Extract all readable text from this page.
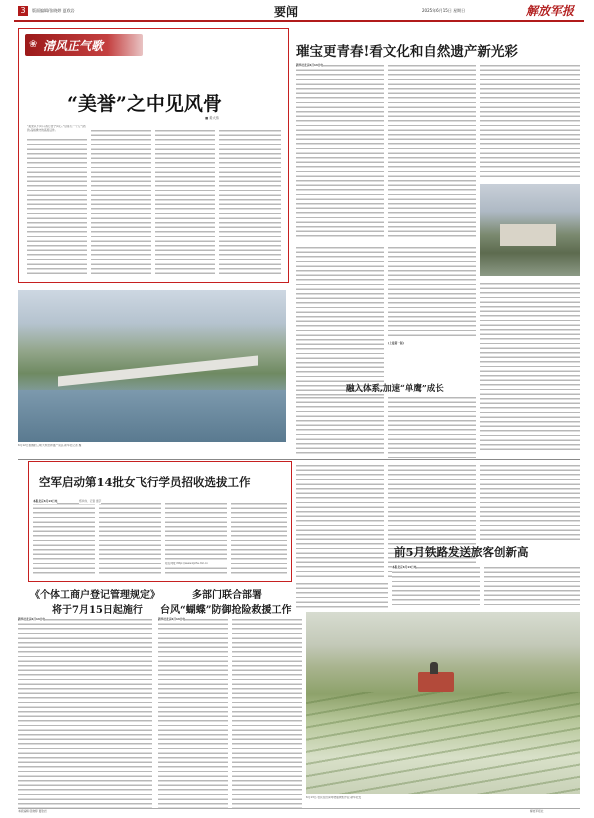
3	版面编辑/张晓婷 夏欣岩	要闻	2025年6月15日 星期日	解放军报
清风正气歌
❀
“美誉”之中见风骨
■ 姜大伟
“美誉从不问口,政行自宁问心。”这是毛一个人气质的,品格操守的高度证件。
璀宝更青春!看文化和自然遗产新光彩
新华社北京6月14日电
6月12日拍摄的三峡大坝世界遗产景区,新华社记者 摄
(上接第一版)
融入体系,加速“单鹰”成长
空军启动第14批女飞行学员招收选拔工作
本报北京6月14日电	郑华伟、记者 雷宇
报名网址:http://www.kjzhs.mil.cn
前5月铁路发送旅客创新高
本报北京6月14日电
《个体工商户登记管理规定》
将于7月15日起施行
新华社北京6月14日电
多部门联合部署
台风“蝴蝶”防御抢险救援工作
新华社北京6月14日电
6月13日,农民在田间驾驶插秧机作业,新华社发
本版编辑:张晓婷 夏欣岩	解放军报社
